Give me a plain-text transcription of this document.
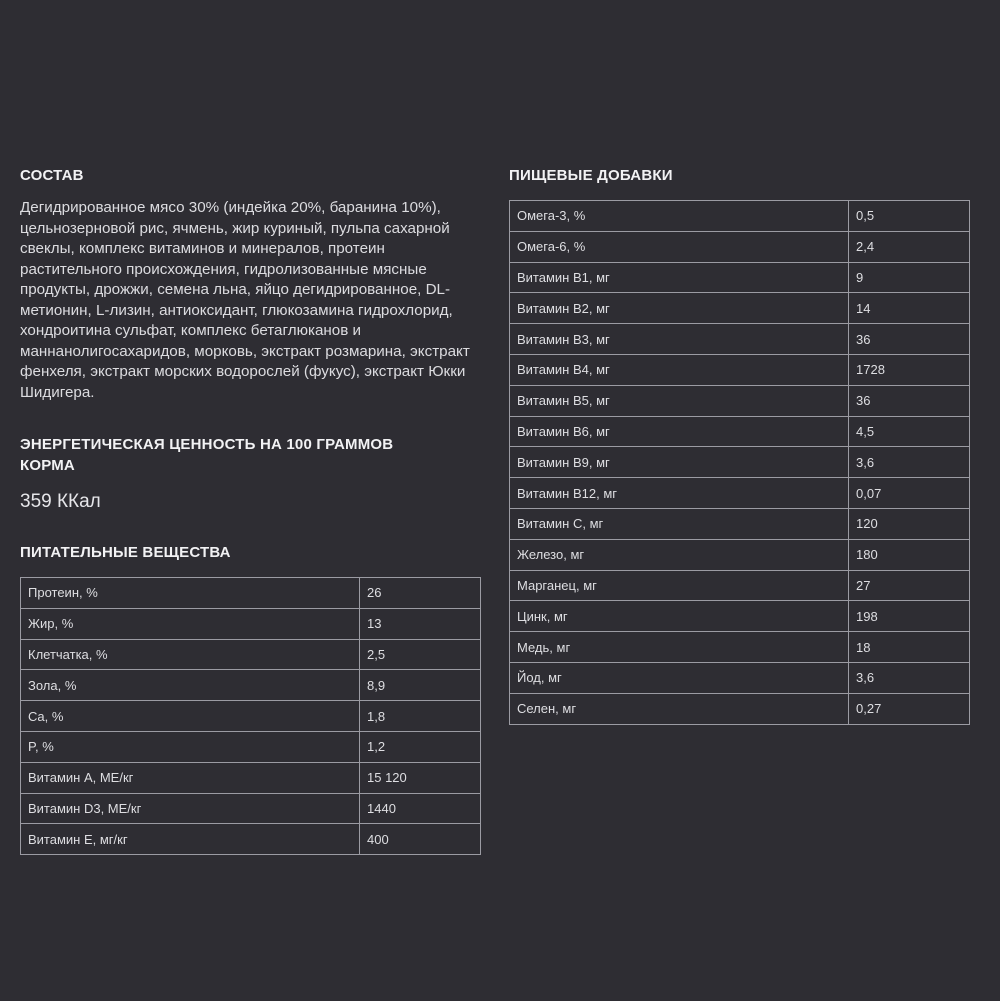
СОСТАВ
Дегидрированное мясо 30% (индейка 20%, баранина 10%), цельнозерновой рис, ячмень, жир куриный, пульпа сахарной свеклы, комплекс витаминов и минералов, протеин растительного происхождения, гидролизованные мясные продукты, дрожжи, семена льна, яйцо дегидрированное, DL-метионин, L-лизин, антиоксидант, глюкозамина гидрохлорид, хондроитина сульфат, комплекс бетаглюканов и маннанолигосахаридов, морковь, экстракт розмарина, экстракт фенхеля, экстракт морских водорослей (фукус), экстракт Юкки Шидигера.
ЭНЕРГЕТИЧЕСКАЯ ЦЕННОСТЬ НА 100 ГРАММОВ КОРМА
359 ККал
ПИТАТЕЛЬНЫЕ ВЕЩЕСТВА
Протеин, %	26
Жир, %	13
Клетчатка, %	2,5
Зола, %	8,9
Ca, %	1,8
P, %	1,2
Витамин А, МЕ/кг	15 120
Витамин D3, МЕ/кг	1440
Витамин Е, мг/кг	400
ПИЩЕВЫЕ ДОБАВКИ
Омега-3, %	0,5
Омега-6, %	2,4
Витамин В1, мг	9
Витамин В2, мг	14
Витамин В3, мг	36
Витамин В4, мг	1728
Витамин В5, мг	36
Витамин В6, мг	4,5
Витамин В9, мг	3,6
Витамин В12, мг	0,07
Витамин С, мг	120
Железо, мг	180
Марганец, мг	27
Цинк, мг	198
Медь, мг	18
Йод, мг	3,6
Селен, мг	0,27
